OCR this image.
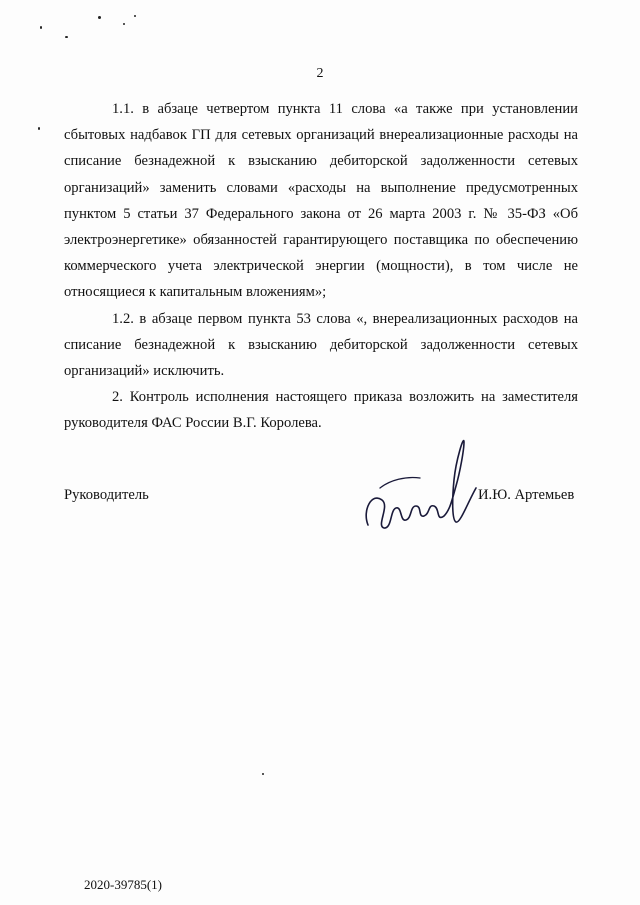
2

1.1. в абзаце четвертом пункта 11 слова «а также при установлении сбытовых надбавок ГП для сетевых организаций внереализационные расходы на списание безнадежной к взысканию дебиторской задолженности сетевых организаций» заменить словами «расходы на выполнение предусмотренных пунктом 5 статьи 37 Федерального закона от 26 марта 2003 г. № 35-ФЗ «Об электроэнергетике» обязанностей гарантирующего поставщика по обеспечению коммерческого учета электрической энергии (мощности), в том числе не относящиеся к капитальным вложениям»;

1.2. в абзаце первом пункта 53 слова «, внереализационных расходов на списание безнадежной к взысканию дебиторской задолженности сетевых организаций» исключить.

2. Контроль исполнения настоящего приказа возложить на заместителя руководителя ФАС России В.Г. Королева.

Руководитель	И.Ю. Артемьев
2020-39785(1)
